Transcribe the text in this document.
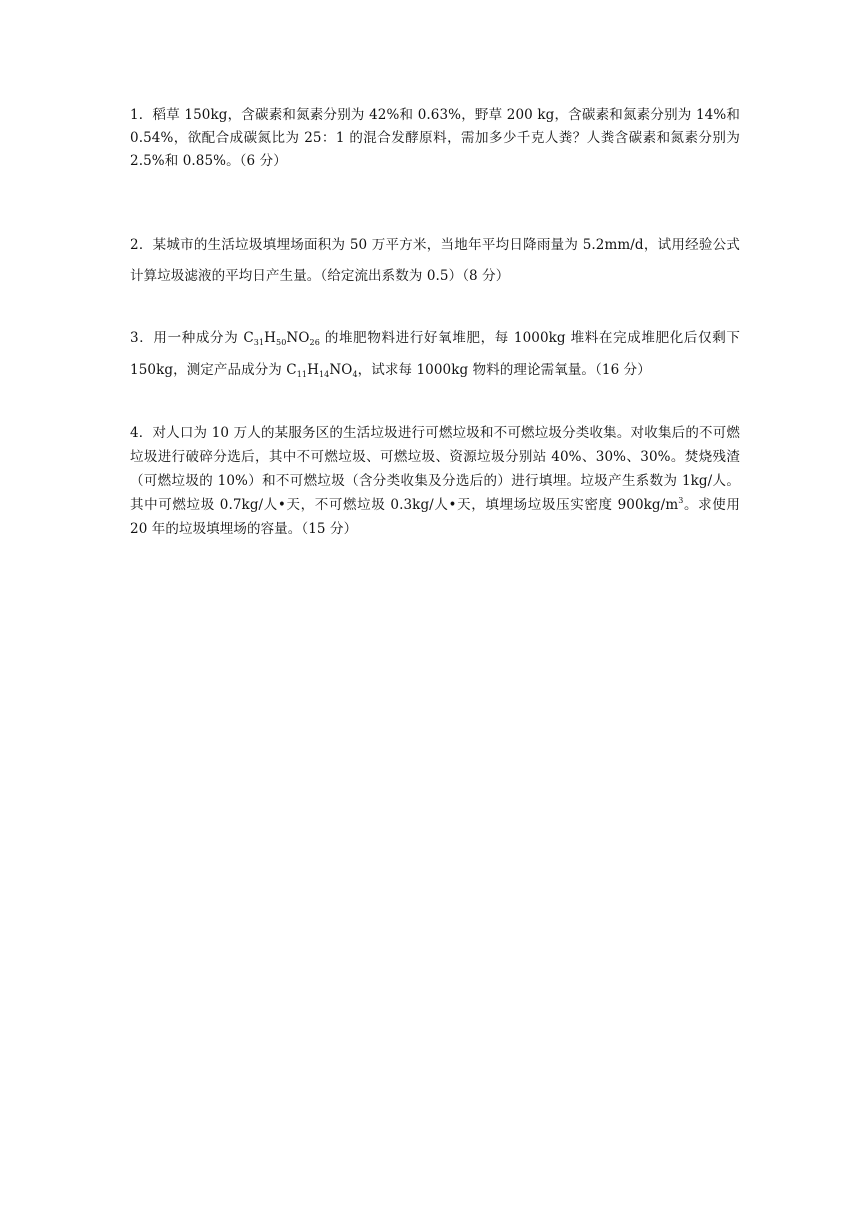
1．稻草 150kg，含碳素和氮素分别为 42%和 0.63%，野草 200 kg，含碳素和氮素分别为 14%和 0.54%，欲配合成碳氮比为 25：1 的混合发酵原料，需加多少千克人粪？人粪含碳素和氮素分别为 2.5%和 0.85%。（6 分）

2．某城市的生活垃圾填埋场面积为 50 万平方米，当地年平均日降雨量为 5.2mm/d，试用经验公式计算垃圾滤液的平均日产生量。（给定流出系数为 0.5）（8 分）

3．用一种成分为 $C_{31}H_{50}NO_{26}$ 的堆肥物料进行好氧堆肥，每 1000kg 堆料在完成堆肥化后仅剩下 150kg，测定产品成分为 $C_{11}H_{14}NO_4$，试求每 1000kg 物料的理论需氧量。（16 分）

4．对人口为 10 万人的某服务区的生活垃圾进行可燃垃圾和不可燃垃圾分类收集。对收集后的不可燃垃圾进行破碎分选后，其中不可燃垃圾、可燃垃圾、资源垃圾分别站 40%、30%、30%。焚烧残渣（可燃垃圾的 10%）和不可燃垃圾（含分类收集及分选后的）进行填埋。垃圾产生系数为 1kg/人。其中可燃垃圾 0.7kg/人•天，不可燃垃圾 0.3kg/人•天，填埋场垃圾压实密度 $900kg/m^3$。求使用 20 年的垃圾填埋场的容量。（15 分）
